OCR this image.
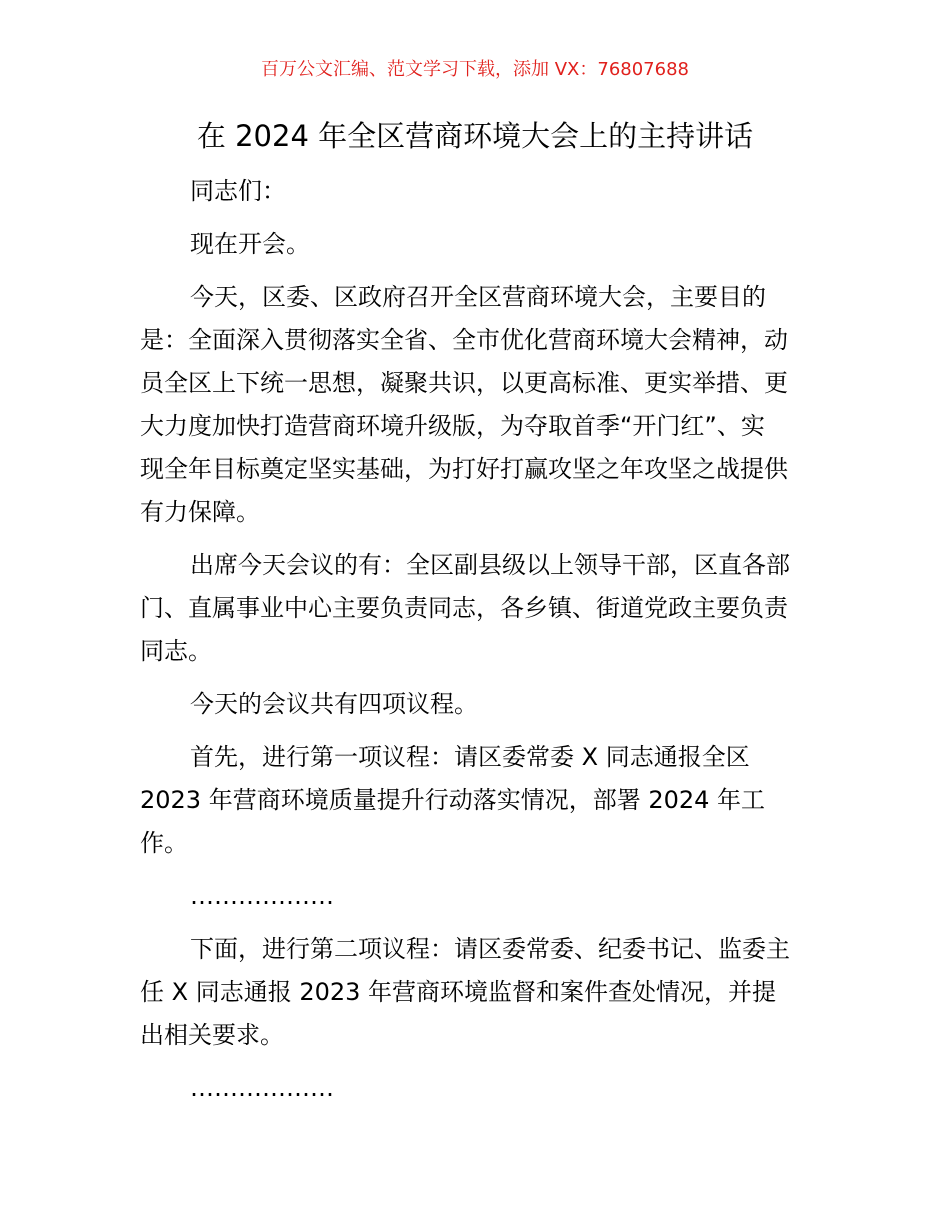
百万公文汇编、范文学习下载，添加 VX：76807688
在 2024 年全区营商环境大会上的主持讲话
同志们：
现在开会。
今天，区委、区政府召开全区营商环境大会，主要目的
是：全面深入贯彻落实全省、全市优化营商环境大会精神，动
员全区上下统一思想，凝聚共识，以更高标准、更实举措、更
大力度加快打造营商环境升级版，为夺取首季“开门红”、实
现全年目标奠定坚实基础，为打好打赢攻坚之年攻坚之战提供
有力保障。
出席今天会议的有：全区副县级以上领导干部，区直各部
门、直属事业中心主要负责同志，各乡镇、街道党政主要负责
同志。
今天的会议共有四项议程。
首先，进行第一项议程：请区委常委 X 同志通报全区
2023 年营商环境质量提升行动落实情况，部署 2024 年工
作。
………………
下面，进行第二项议程：请区委常委、纪委书记、监委主
任 X 同志通报 2023 年营商环境监督和案件查处情况，并提
出相关要求。
………………
